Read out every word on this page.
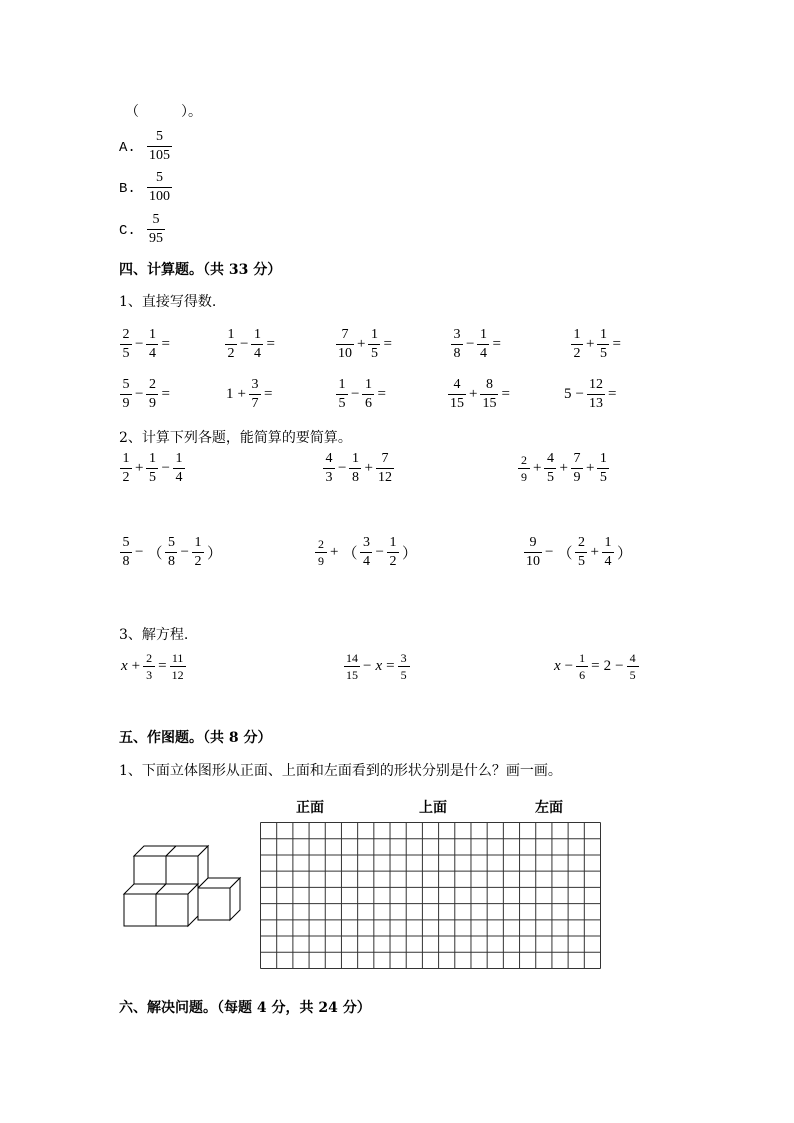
（　　　）。
A. $\frac{5}{105}$
B. $\frac{5}{100}$
C. $\frac{5}{95}$
四、计算题。（共 33 分）
1、直接写得数.
$\frac{2}{5} - \frac{1}{4}$ =	$\frac{1}{2} - \frac{1}{4}$ =	$\frac{7}{10} + \frac{1}{5}$ =	$\frac{3}{8} - \frac{1}{4}$ =	$\frac{1}{2} + \frac{1}{5}$ =
$\frac{5}{9} - \frac{2}{9}$ =	$1 + \frac{3}{7}$ =	$\frac{1}{5} - \frac{1}{6}$ =	$\frac{4}{15} + \frac{8}{15}$ =	$5 - \frac{12}{13}$ =
2、计算下列各题，能简算的要简算。
$\frac{1}{2} + \frac{1}{5} - \frac{1}{4}$	$\frac{4}{3} - \frac{1}{8} + \frac{7}{12}$	$\frac{2}{9} + \frac{4}{5} + \frac{7}{9} + \frac{1}{5}$
$\frac{5}{8}$ − （ $\frac{5}{8} - \frac{1}{2}$ ）	$\frac{2}{9}$ + （ $\frac{3}{4} - \frac{1}{2}$ ）	$\frac{9}{10}$ − （ $\frac{2}{5} + \frac{1}{4}$ ）
3、解方程.
$x + \frac{2}{3} = \frac{11}{12}$	$\frac{14}{15} - x = \frac{3}{5}$	$x - \frac{1}{6} = 2 - \frac{4}{5}$
五、作图题。（共 8 分）
1、下面立体图形从正面、上面和左面看到的形状分别是什么？画一画。
正面	上面	左面
六、解决问题。（每题 4 分，共 24 分）
